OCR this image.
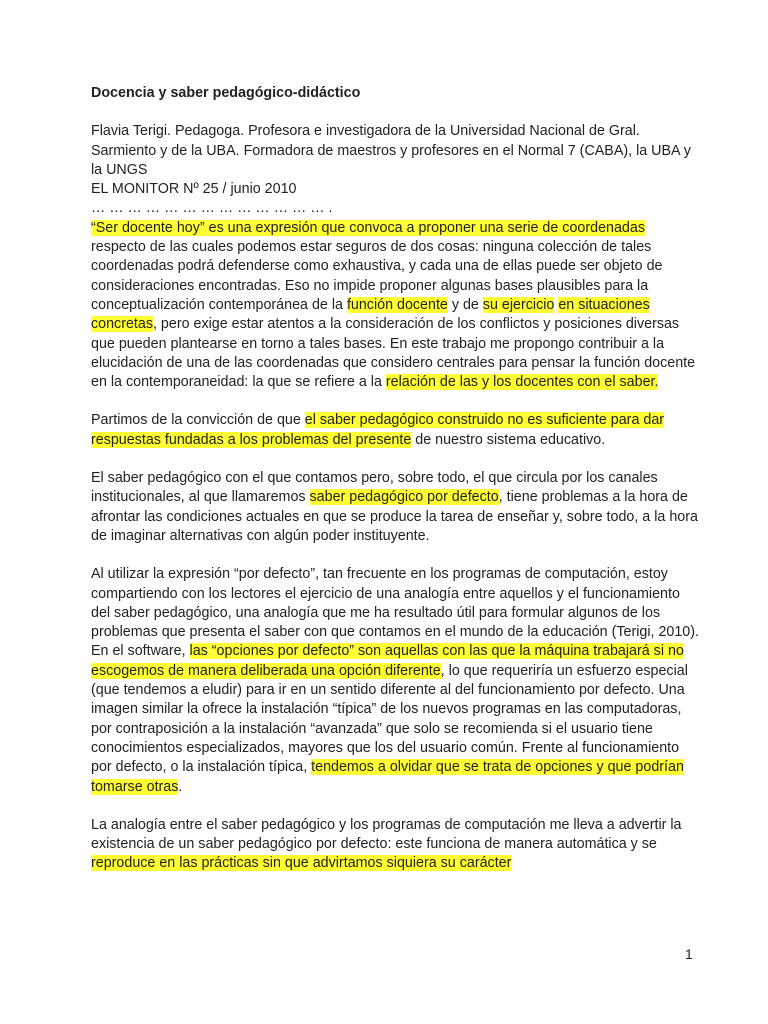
Docencia y saber pedagógico-didáctico
Flavia Terigi. Pedagoga. Profesora e investigadora de la Universidad Nacional de Gral. Sarmiento y de la UBA. Formadora de maestros y profesores en el Normal 7 (CABA), la UBA y la UNGS
EL MONITOR Nº 25 / junio 2010
… … … … … … … … … … … … … .
“Ser docente hoy” es una expresión que convoca a proponer una serie de coordenadas respecto de las cuales podemos estar seguros de dos cosas: ninguna colección de tales coordenadas podrá defenderse como exhaustiva, y cada una de ellas puede ser objeto de consideraciones encontradas. Eso no impide proponer algunas bases plausibles para la conceptualización contemporánea de la función docente y de su ejercicio en situaciones concretas, pero exige estar atentos a la consideración de los conflictos y posiciones diversas que pueden plantearse en torno a tales bases. En este trabajo me propongo contribuir a la elucidación de una de las coordenadas que considero centrales para pensar la función docente en la contemporaneidad: la que se refiere a la relación de las y los docentes con el saber.
Partimos de la convicción de que el saber pedagógico construido no es suficiente para dar respuestas fundadas a los problemas del presente de nuestro sistema educativo.
El saber pedagógico con el que contamos pero, sobre todo, el que circula por los canales institucionales, al que llamaremos saber pedagógico por defecto, tiene problemas a la hora de afrontar las condiciones actuales en que se produce la tarea de enseñar y, sobre todo, a la hora de imaginar alternativas con algún poder instituyente.
Al utilizar la expresión “por defecto”, tan frecuente en los programas de computación, estoy compartiendo con los lectores el ejercicio de una analogía entre aquellos y el funcionamiento del saber pedagógico, una analogía que me ha resultado útil para formular algunos de los problemas que presenta el saber con que contamos en el mundo de la educación (Terigi, 2010). En el software, las “opciones por defecto” son aquellas con las que la máquina trabajará si no escogemos de manera deliberada una opción diferente, lo que requeriría un esfuerzo especial (que tendemos a eludir) para ir en un sentido diferente al del funcionamiento por defecto. Una imagen similar la ofrece la instalación “típica” de los nuevos programas en las computadoras, por contraposición a la instalación “avanzada” que solo se recomienda si el usuario tiene conocimientos especializados, mayores que los del usuario común. Frente al funcionamiento por defecto, o la instalación típica, tendemos a olvidar que se trata de opciones y que podrían tomarse otras.
La analogía entre el saber pedagógico y los programas de computación me lleva a advertir la existencia de un saber pedagógico por defecto: este funciona de manera automática y se reproduce en las prácticas sin que advirtamos siquiera su carácter
1
